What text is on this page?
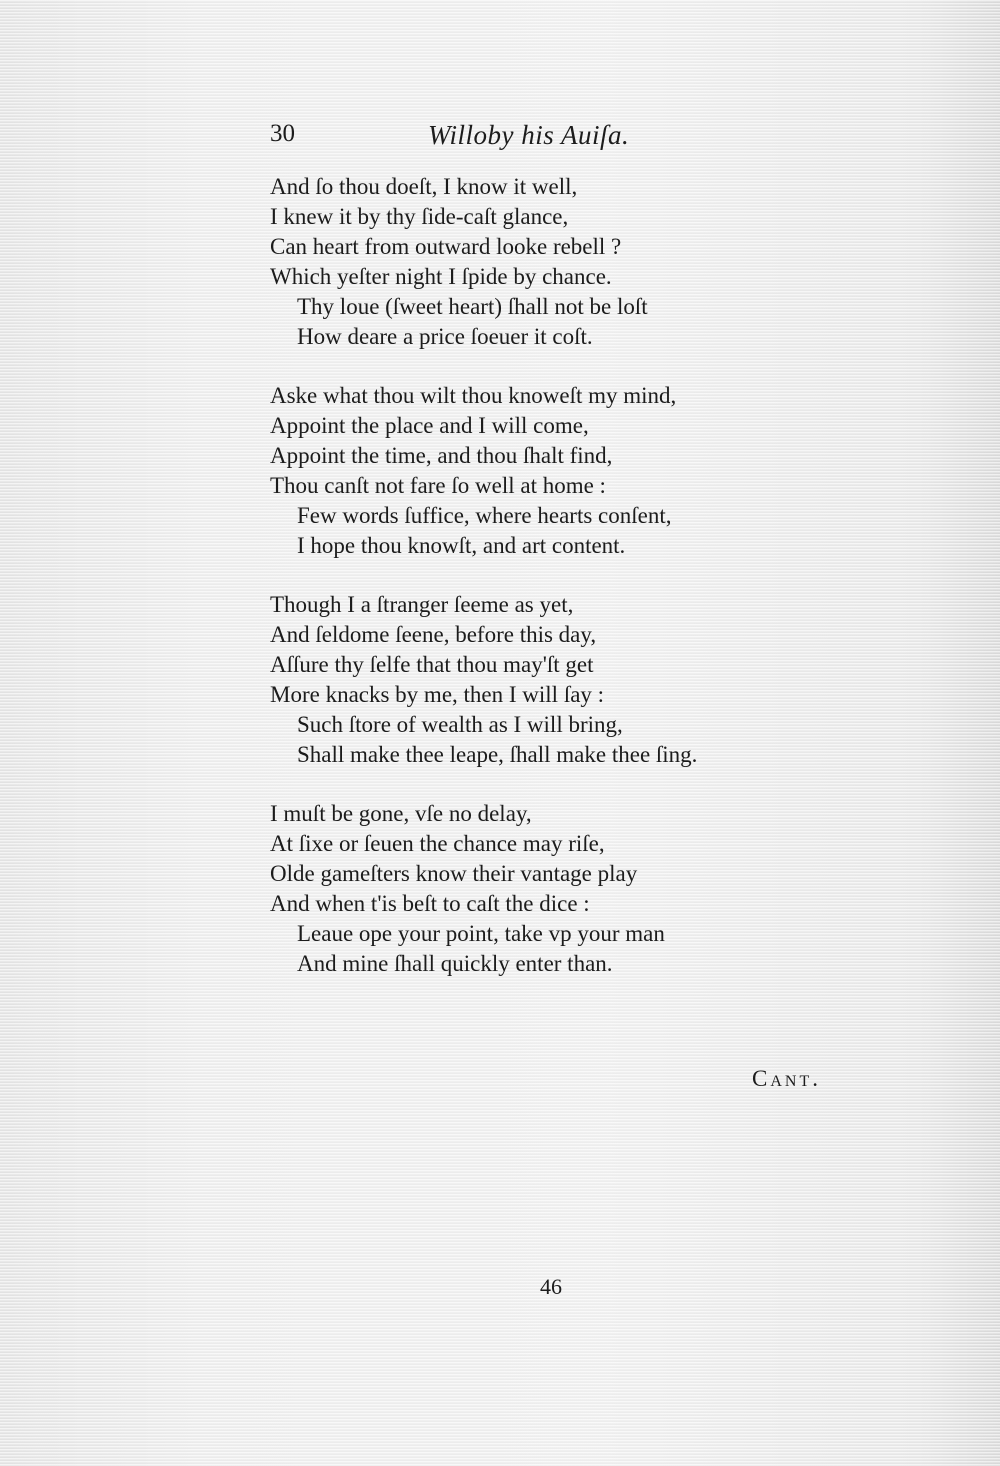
30	Willoby his Auiſa.
And ſo thou doeſt, I know it well,
I knew it by thy ſide-caſt glance,
Can heart from outward looke rebell ?
Which yeſter night I ſpide by chance.
Thy loue (ſweet heart) ſhall not be loſt
How deare a price ſoeuer it coſt.
Aske what thou wilt thou knoweſt my mind,
Appoint the place and I will come,
Appoint the time, and thou ſhalt find,
Thou canſt not fare ſo well at home :
Few words ſuffice, where hearts conſent,
I hope thou knowſt, and art content.
Though I a ſtranger ſeeme as yet,
And ſeldome ſeene, before this day,
Aſſure thy ſelfe that thou may'ſt get
More knacks by me, then I will ſay :
Such ſtore of wealth as I will bring,
Shall make thee leape, ſhall make thee ſing.
I muſt be gone, vſe no delay,
At ſixe or ſeuen the chance may riſe,
Olde gameſters know their vantage play
And when t'is beſt to caſt the dice :
Leaue ope your point, take vp your man
And mine ſhall quickly enter than.
Cant.
46
